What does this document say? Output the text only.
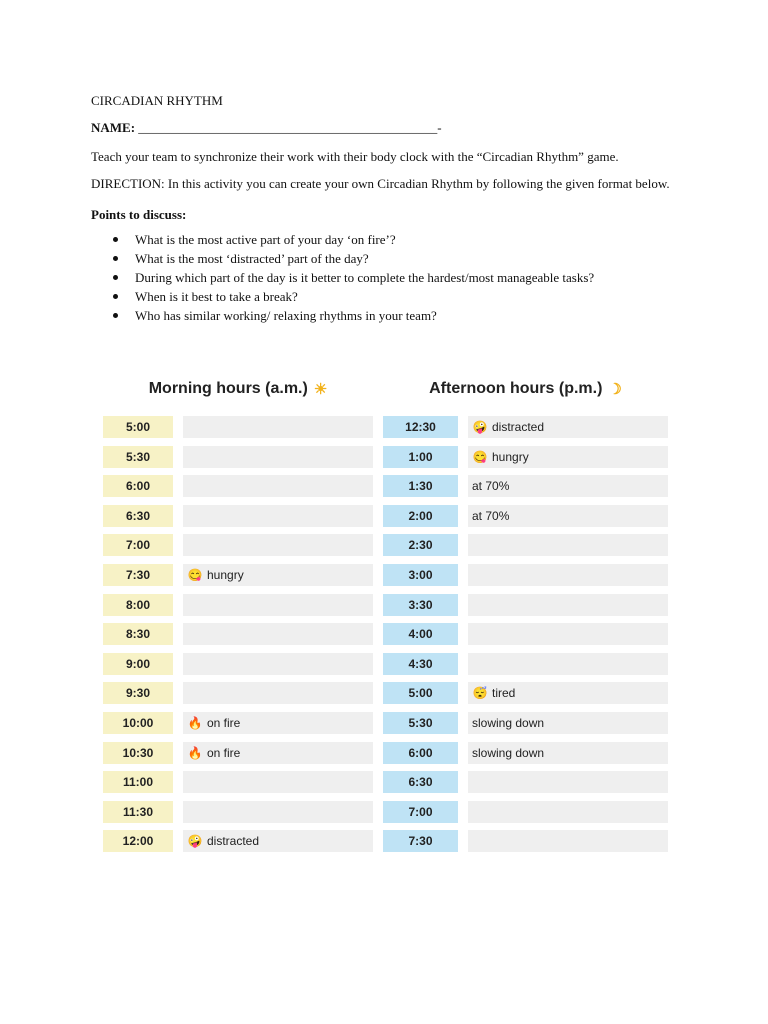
CIRCADIAN RHYTHM

NAME: ______________________________________________-

Teach your team to synchronize their work with their body clock with the “Circadian Rhythm” game.

DIRECTION: In this activity you can create your own Circadian Rhythm by following the given format below.

Points to discuss:

What is the most active part of your day ‘on fire’?
What is the most ‘distracted’ part of the day?
During which part of the day is it better to complete the hardest/most manageable tasks?
When is it best to take a break?
Who has similar working/ relaxing rhythms in your team?
Morning hours (a.m.) ☀
5:00
5:30
6:00
6:30
7:00
7:30	😋 hungry
8:00
8:30
9:00
9:30
10:00	🔥 on fire
10:30	🔥 on fire
11:00
11:30
12:00	🤪 distracted
Afternoon hours (p.m.) ☽
12:30	🤪 distracted
1:00	😋 hungry
1:30	at 70%
2:00	at 70%
2:30
3:00
3:30
4:00
4:30
5:00	😴 tired
5:30	slowing down
6:00	slowing down
6:30
7:00
7:30
